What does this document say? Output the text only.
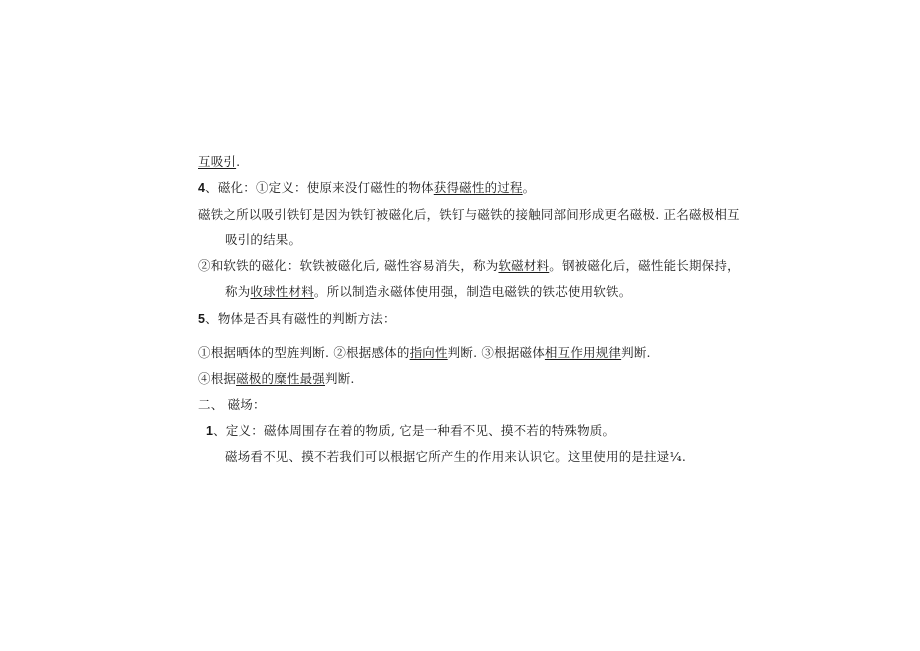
互吸引.
4、磁化：①定义：使原来没仃磁性的物体获得磁性的过程。
磁铁之所以吸引铁钉是因为铁钉被磁化后，铁钉与磁铁的接触同部间形成更名磁极. 正名磁极相互
吸引的结果。
②和软铁的磁化：软铁被磁化后, 磁性容易消失，称为软磁材料。钢被磁化后，磁性能长期保持，
称为收球性材料。所以制造永磁体使用强，制造电磁铁的铁芯使用软铁。
5、物体是否具有磁性的判断方法：
①根据晒体的型旌判断. ②根据感体的指向性判断. ③根据磁体相互作用规律判断.
④根据磁极的糜性最强判断.
二、 磁场：
1、定义：磁体周围存在着的物质, 它是一种看不见、摸不若的特殊物质。
磁场看不见、摸不若我们可以根据它所产生的作用来认识它。这里使用的是拄逯¼.
